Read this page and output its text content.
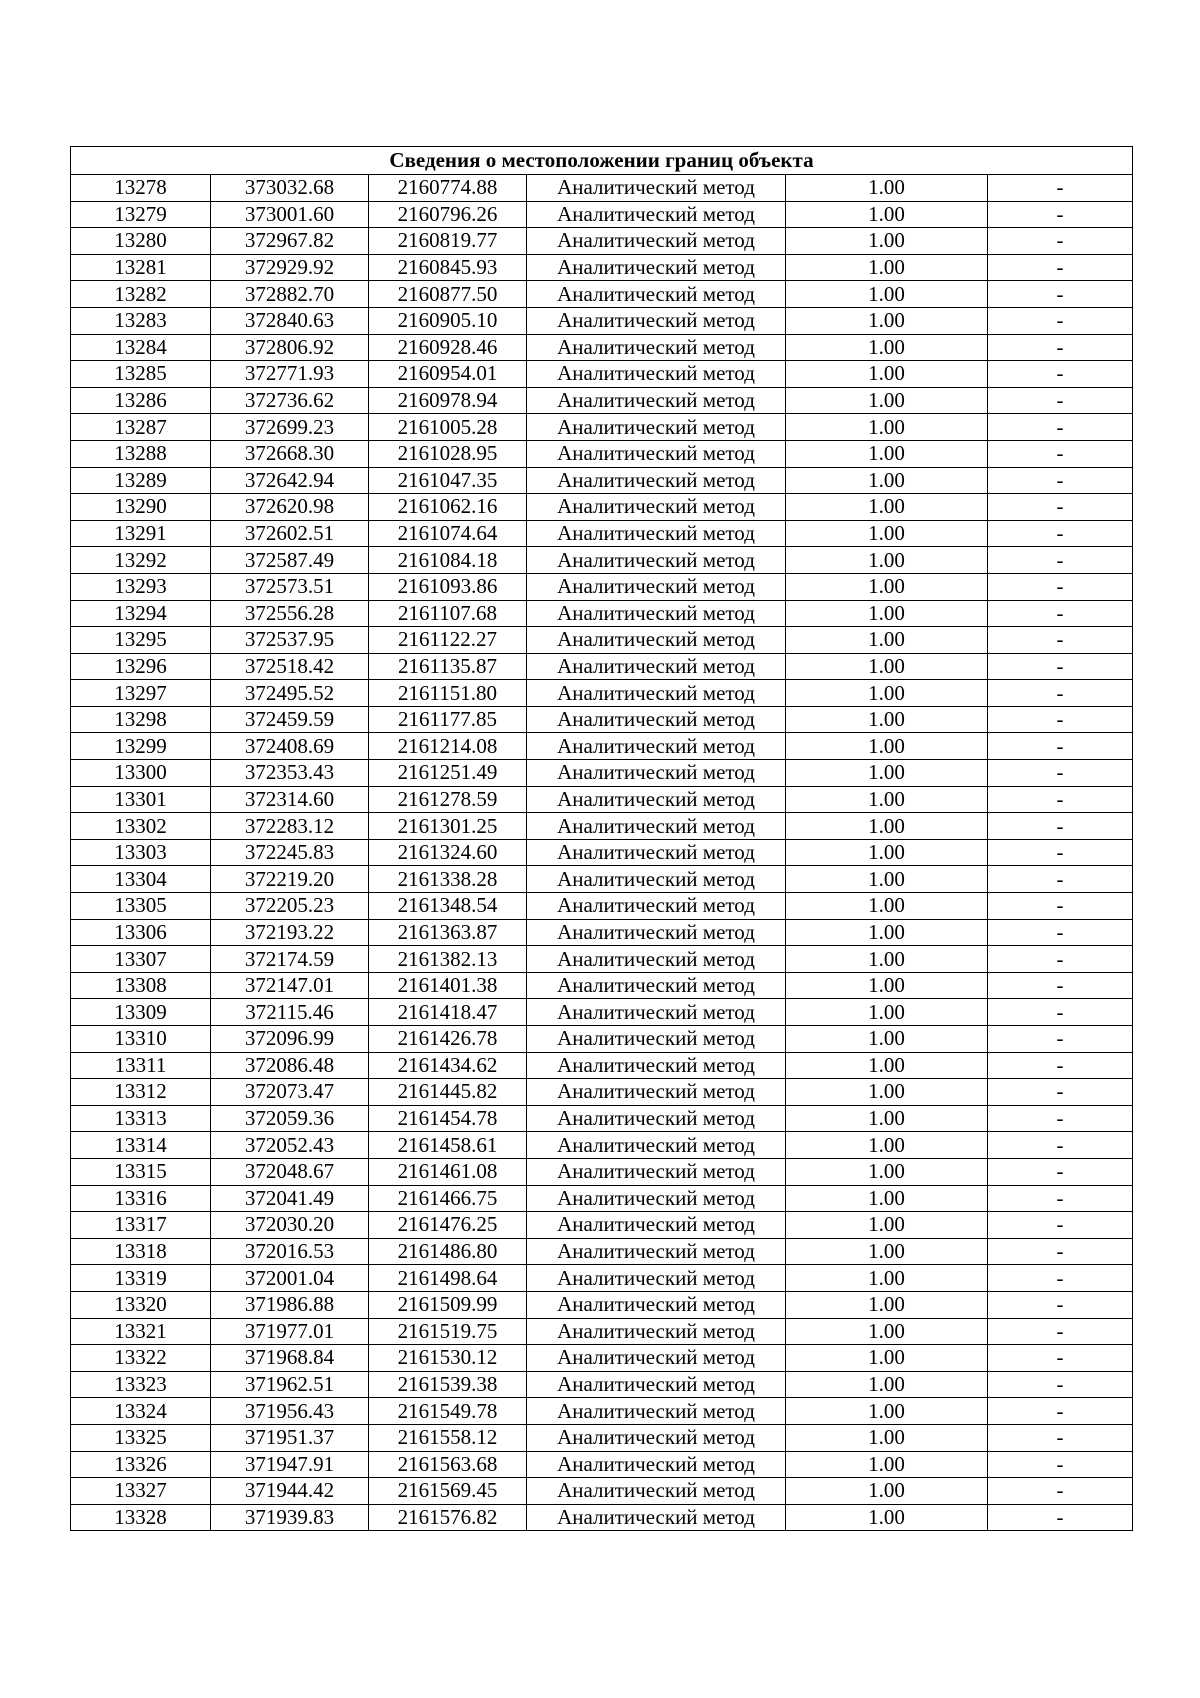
Сведения о местоположении границ объекта					
13278	373032.68	2160774.88	Аналитический метод	1.00	-
13279	373001.60	2160796.26	Аналитический метод	1.00	-
13280	372967.82	2160819.77	Аналитический метод	1.00	-
13281	372929.92	2160845.93	Аналитический метод	1.00	-
13282	372882.70	2160877.50	Аналитический метод	1.00	-
13283	372840.63	2160905.10	Аналитический метод	1.00	-
13284	372806.92	2160928.46	Аналитический метод	1.00	-
13285	372771.93	2160954.01	Аналитический метод	1.00	-
13286	372736.62	2160978.94	Аналитический метод	1.00	-
13287	372699.23	2161005.28	Аналитический метод	1.00	-
13288	372668.30	2161028.95	Аналитический метод	1.00	-
13289	372642.94	2161047.35	Аналитический метод	1.00	-
13290	372620.98	2161062.16	Аналитический метод	1.00	-
13291	372602.51	2161074.64	Аналитический метод	1.00	-
13292	372587.49	2161084.18	Аналитический метод	1.00	-
13293	372573.51	2161093.86	Аналитический метод	1.00	-
13294	372556.28	2161107.68	Аналитический метод	1.00	-
13295	372537.95	2161122.27	Аналитический метод	1.00	-
13296	372518.42	2161135.87	Аналитический метод	1.00	-
13297	372495.52	2161151.80	Аналитический метод	1.00	-
13298	372459.59	2161177.85	Аналитический метод	1.00	-
13299	372408.69	2161214.08	Аналитический метод	1.00	-
13300	372353.43	2161251.49	Аналитический метод	1.00	-
13301	372314.60	2161278.59	Аналитический метод	1.00	-
13302	372283.12	2161301.25	Аналитический метод	1.00	-
13303	372245.83	2161324.60	Аналитический метод	1.00	-
13304	372219.20	2161338.28	Аналитический метод	1.00	-
13305	372205.23	2161348.54	Аналитический метод	1.00	-
13306	372193.22	2161363.87	Аналитический метод	1.00	-
13307	372174.59	2161382.13	Аналитический метод	1.00	-
13308	372147.01	2161401.38	Аналитический метод	1.00	-
13309	372115.46	2161418.47	Аналитический метод	1.00	-
13310	372096.99	2161426.78	Аналитический метод	1.00	-
13311	372086.48	2161434.62	Аналитический метод	1.00	-
13312	372073.47	2161445.82	Аналитический метод	1.00	-
13313	372059.36	2161454.78	Аналитический метод	1.00	-
13314	372052.43	2161458.61	Аналитический метод	1.00	-
13315	372048.67	2161461.08	Аналитический метод	1.00	-
13316	372041.49	2161466.75	Аналитический метод	1.00	-
13317	372030.20	2161476.25	Аналитический метод	1.00	-
13318	372016.53	2161486.80	Аналитический метод	1.00	-
13319	372001.04	2161498.64	Аналитический метод	1.00	-
13320	371986.88	2161509.99	Аналитический метод	1.00	-
13321	371977.01	2161519.75	Аналитический метод	1.00	-
13322	371968.84	2161530.12	Аналитический метод	1.00	-
13323	371962.51	2161539.38	Аналитический метод	1.00	-
13324	371956.43	2161549.78	Аналитический метод	1.00	-
13325	371951.37	2161558.12	Аналитический метод	1.00	-
13326	371947.91	2161563.68	Аналитический метод	1.00	-
13327	371944.42	2161569.45	Аналитический метод	1.00	-
13328	371939.83	2161576.82	Аналитический метод	1.00	-
